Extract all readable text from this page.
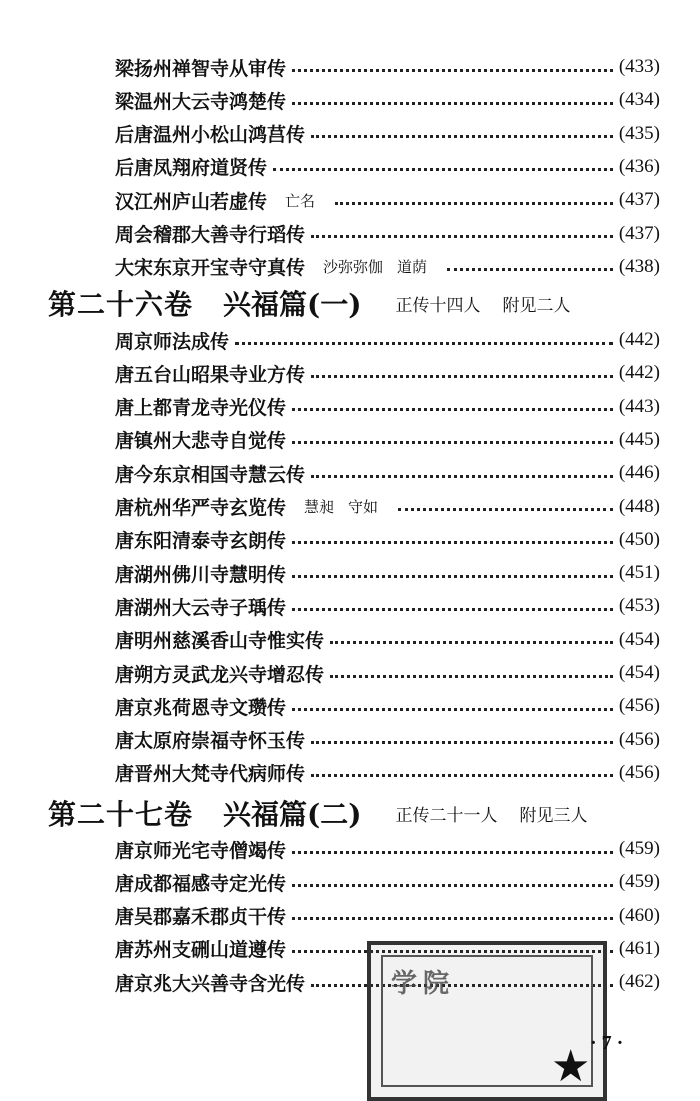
梁扬州禅智寺从审传	(433)
梁温州大云寺鸿楚传	(434)
后唐温州小松山鸿莒传	(435)
后唐凤翔府道贤传	(436)
汉江州庐山若虚传 亡名	(437)
周会稽郡大善寺行瑫传	(437)
大宋东京开宝寺守真传 沙弥弥伽 道荫	(438)
周京师法成传	(442)
唐五台山昭果寺业方传	(442)
唐上都青龙寺光仪传	(443)
唐镇州大悲寺自觉传	(445)
唐今东京相国寺慧云传	(446)
唐杭州华严寺玄览传 慧昶 守如	(448)
唐东阳清泰寺玄朗传	(450)
唐湖州佛川寺慧明传	(451)
唐湖州大云寺子瑀传	(453)
唐明州慈溪香山寺惟实传	(454)
唐朔方灵武龙兴寺增忍传	(454)
唐京兆荷恩寺文瓒传	(456)
唐太原府崇福寺怀玉传	(456)
唐晋州大梵寺代病师传	(456)
唐京师光宅寺僧竭传	(459)
唐成都福感寺定光传	(459)
唐吴郡嘉禾郡贞干传	(460)
唐苏州支硎山道遵传	(461)
唐京兆大兴善寺含光传	(462)
第二十六卷 兴福篇(一) 正传十四人 附见二人
第二十七卷 兴福篇(二) 正传二十一人 附见三人
学院
★ · 7 ·
